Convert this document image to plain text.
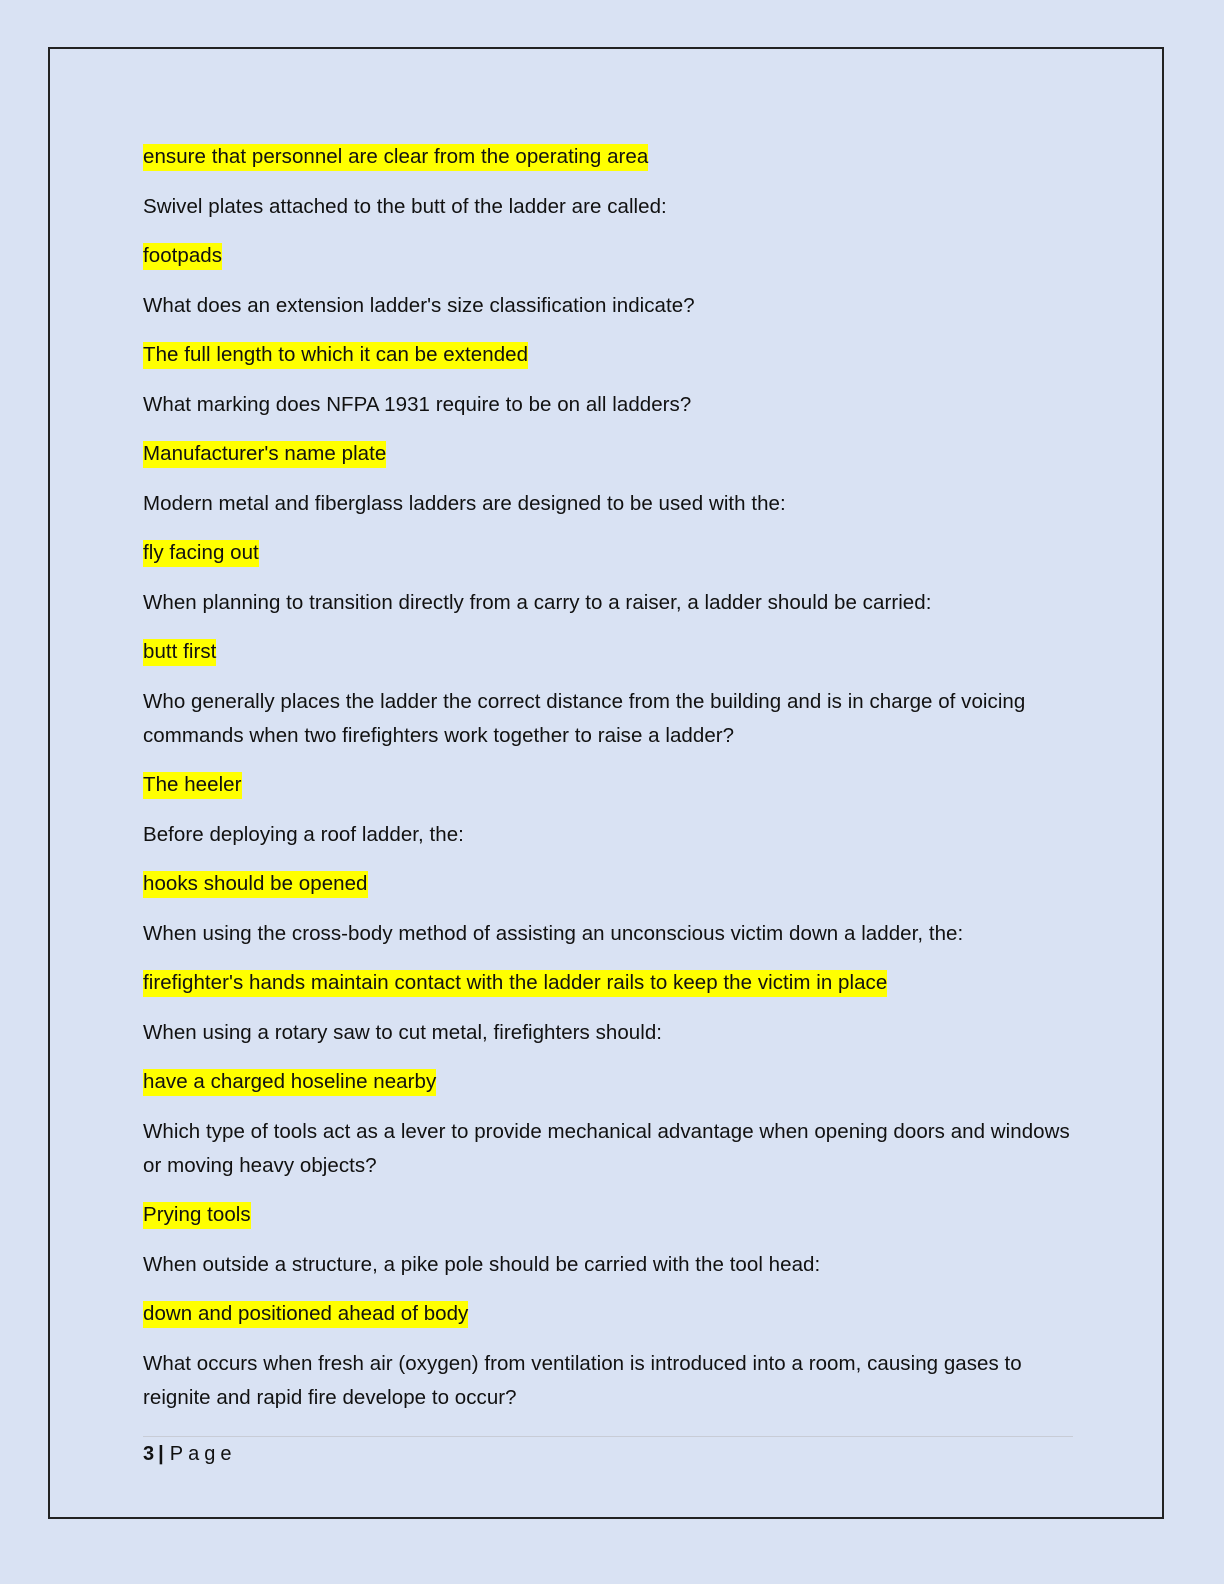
ensure that personnel are clear from the operating area

Swivel plates attached to the butt of the ladder are called:

footpads

What does an extension ladder's size classification indicate?

The full length to which it can be extended

What marking does NFPA 1931 require to be on all ladders?

Manufacturer's name plate

Modern metal and fiberglass ladders are designed to be used with the:

fly facing out

When planning to transition directly from a carry to a raiser, a ladder should be carried:

butt first

Who generally places the ladder the correct distance from the building and is in charge of voicing commands when two firefighters work together to raise a ladder?

The heeler

Before deploying a roof ladder, the:

hooks should be opened

When using the cross-body method of assisting an unconscious victim down a ladder, the:

firefighter's hands maintain contact with the ladder rails to keep the victim in place

When using a rotary saw to cut metal, firefighters should:

have a charged hoseline nearby

Which type of tools act as a lever to provide mechanical advantage when opening doors and windows or moving heavy objects?

Prying tools

When outside a structure, a pike pole should be carried with the tool head:

down and positioned ahead of body

What occurs when fresh air (oxygen) from ventilation is introduced into a room, causing gases to reignite and rapid fire develope to occur?

3 | Page
